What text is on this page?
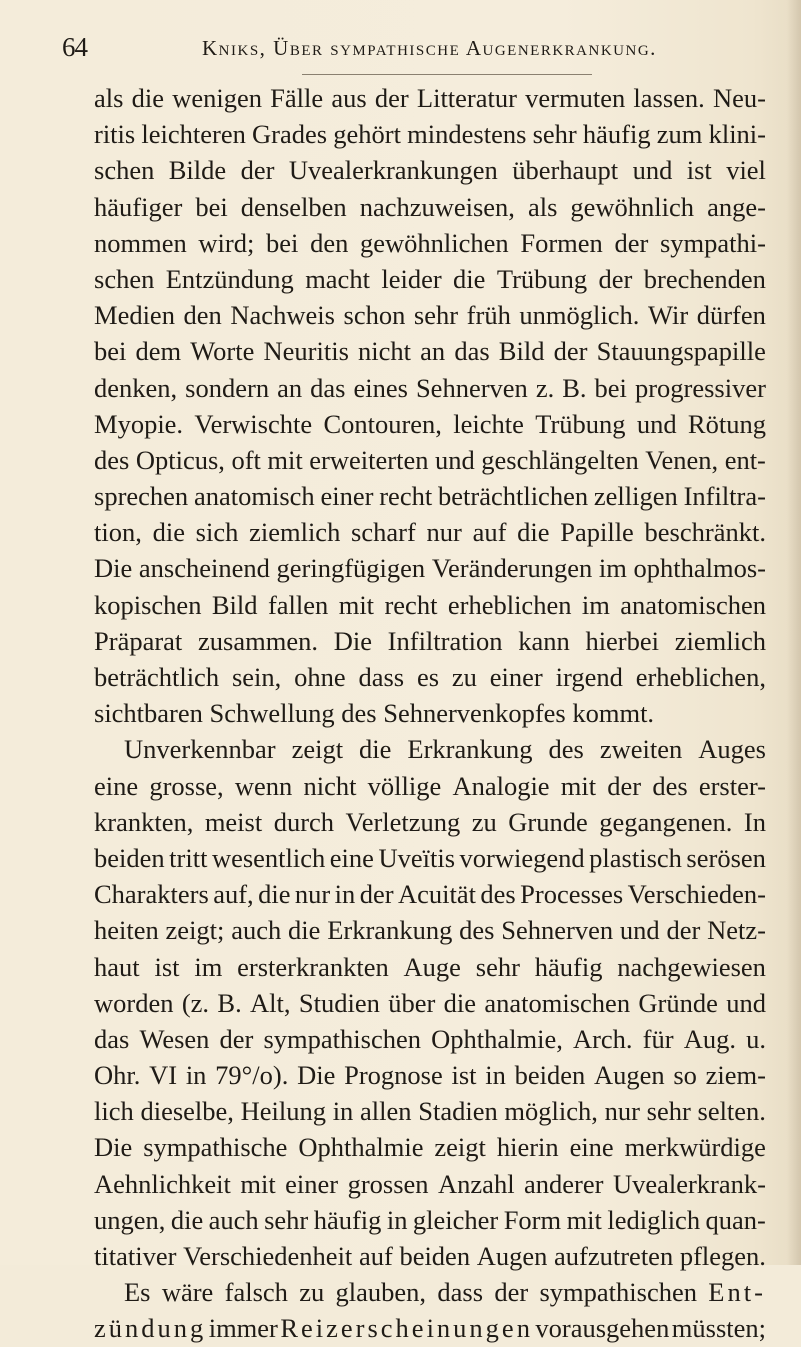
64	Kniks, Über sympathische Augenerkrankung.
als die wenigen Fälle aus der Litteratur vermuten lassen. Neu-
ritis leichteren Grades gehört mindestens sehr häufig zum klini-
schen Bilde der Uvealerkrankungen überhaupt und ist viel
häufiger bei denselben nachzuweisen, als gewöhnlich ange-
nommen wird; bei den gewöhnlichen Formen der sympathi-
schen Entzündung macht leider die Trübung der brechenden
Medien den Nachweis schon sehr früh unmöglich. Wir dürfen
bei dem Worte Neuritis nicht an das Bild der Stauungspapille
denken, sondern an das eines Sehnerven z. B. bei progressiver
Myopie. Verwischte Contouren, leichte Trübung und Rötung
des Opticus, oft mit erweiterten und geschlängelten Venen, ent-
sprechen anatomisch einer recht beträchtlichen zelligen Infiltra-
tion, die sich ziemlich scharf nur auf die Papille beschränkt.
Die anscheinend geringfügigen Veränderungen im ophthalmos-
kopischen Bild fallen mit recht erheblichen im anatomischen
Präparat zusammen. Die Infiltration kann hierbei ziemlich
beträchtlich sein, ohne dass es zu einer irgend erheblichen,
sichtbaren Schwellung des Sehnervenkopfes kommt.
Unverkennbar zeigt die Erkrankung des zweiten Auges
eine grosse, wenn nicht völlige Analogie mit der des erster-
krankten, meist durch Verletzung zu Grunde gegangenen. In
beiden tritt wesentlich eine Uveïtis vorwiegend plastisch serösen
Charakters auf, die nur in der Acuität des Processes Verschieden-
heiten zeigt; auch die Erkrankung des Sehnerven und der Netz-
haut ist im ersterkrankten Auge sehr häufig nachgewiesen
worden (z. B. Alt, Studien über die anatomischen Gründe und
das Wesen der sympathischen Ophthalmie, Arch. für Aug. u.
Ohr. VI in 79°/o). Die Prognose ist in beiden Augen so ziem-
lich dieselbe, Heilung in allen Stadien möglich, nur sehr selten.
Die sympathische Ophthalmie zeigt hierin eine merkwürdige
Aehnlichkeit mit einer grossen Anzahl anderer Uvealerkrank-
ungen, die auch sehr häufig in gleicher Form mit lediglich quan-
titativer Verschiedenheit auf beiden Augen aufzutreten pflegen.
Es wäre falsch zu glauben, dass der sympathischen Ent-
zündung immer Reizerscheinungen vorausgehen müssten;
